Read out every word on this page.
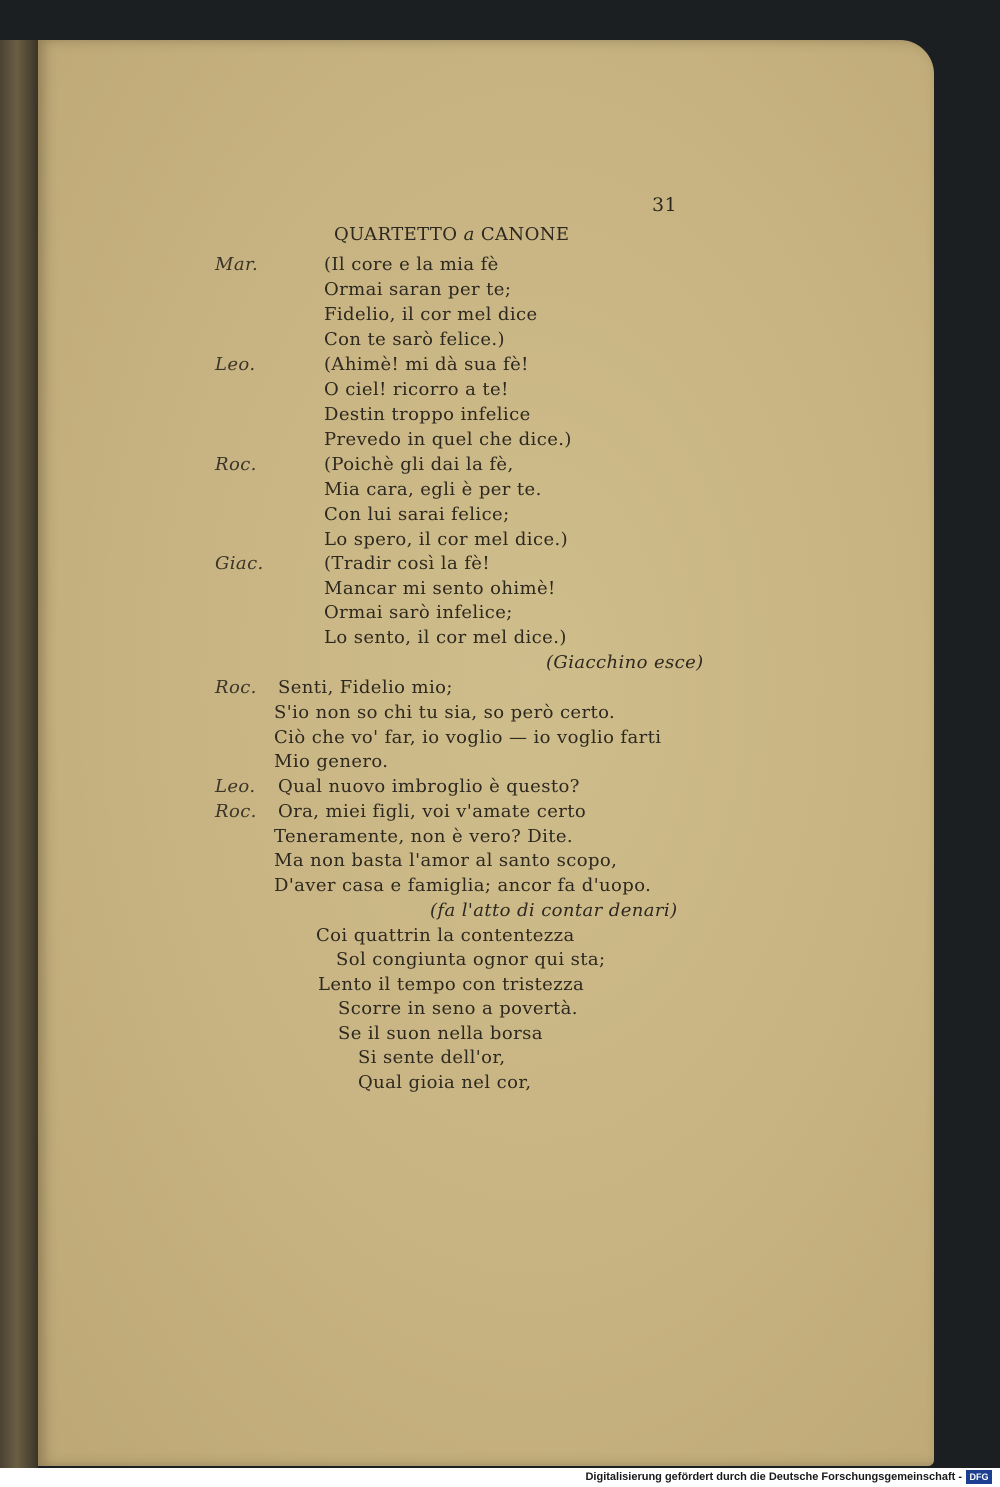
31
QUARTETTO a CANONE
Mar.	(Il core e la mia fè
Ormai saran per te;
Fidelio, il cor mel dice
Con te sarò felice.)
Leo.	(Ahimè! mi dà sua fè!
O ciel! ricorro a te!
Destin troppo infelice
Prevedo in quel che dice.)
Roc.	(Poichè gli dai la fè,
Mia cara, egli è per te.
Con lui sarai felice;
Lo spero, il cor mel dice.)
Giac.	(Tradir così la fè!
Mancar mi sento ohimè!
Ormai sarò infelice;
Lo sento, il cor mel dice.)
(Giacchino esce)
Roc. Senti, Fidelio mio;
S'io non so chi tu sia, so però certo.
Ciò che vo' far, io voglio — io voglio farti
Mio genero.
Leo. Qual nuovo imbroglio è questo?
Roc. Ora, miei figli, voi v'amate certo
Teneramente, non è vero? Dite.
Ma non basta l'amor al santo scopo,
D'aver casa e famiglia; ancor fa d'uopo.
(fa l'atto di contar denari)
Coi quattrin la contentezza
Sol congiunta ognor qui sta;
Lento il tempo con tristezza
Scorre in seno a povertà.
Se il suon nella borsa
Si sente dell'or,
Qual gioia nel cor,
Digitalisierung gefördert durch die Deutsche Forschungsgemeinschaft - DFG
